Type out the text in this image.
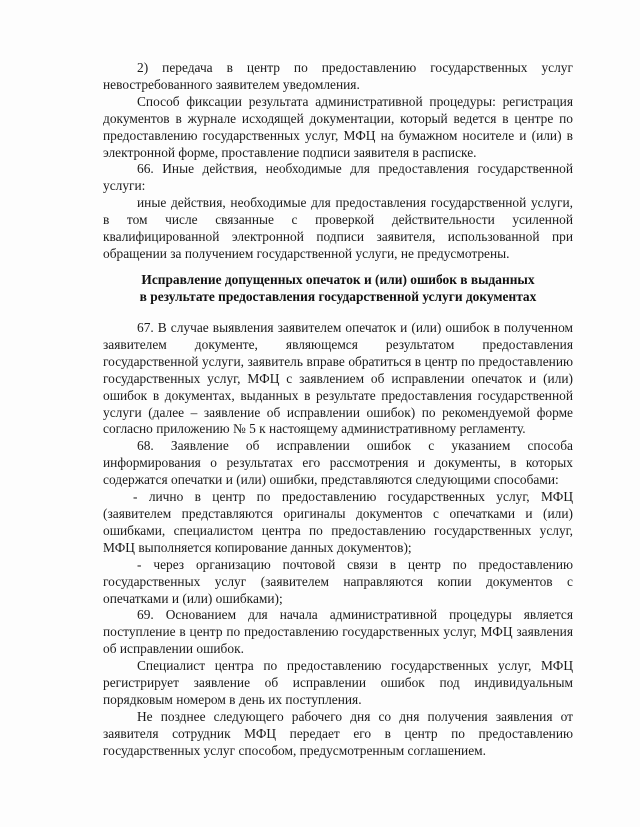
2) передача в центр по предоставлению государственных услуг невостребованного заявителем уведомления.

Способ фиксации результата административной процедуры: регистрация документов в журнале исходящей документации, который ведется в центре по предоставлению государственных услуг, МФЦ на бумажном носителе и (или) в электронной форме, проставление подписи заявителя в расписке.

66. Иные действия, необходимые для предоставления государственной услуги:

иные действия, необходимые для предоставления государственной услуги, в том числе связанные с проверкой действительности усиленной квалифицированной электронной подписи заявителя, использованной при обращении за получением государственной услуги, не предусмотрены.

Исправление допущенных опечаток и (или) ошибок в выданных
в результате предоставления государственной услуги документах

67. В случае выявления заявителем опечаток и (или) ошибок в полученном заявителем документе, являющемся результатом предоставления государственной услуги, заявитель вправе обратиться в центр по предоставлению государственных услуг, МФЦ с заявлением об исправлении опечаток и (или) ошибок в документах, выданных в результате предоставления государственной услуги (далее – заявление об исправлении ошибок) по рекомендуемой форме согласно приложению № 5 к настоящему административному регламенту.

68. Заявление об исправлении ошибок с указанием способа информирования о результатах его рассмотрения и документы, в которых содержатся опечатки и (или) ошибки, представляются следующими способами:

- лично в центр по предоставлению государственных услуг, МФЦ (заявителем представляются оригиналы документов с опечатками и (или) ошибками, специалистом центра по предоставлению государственных услуг, МФЦ выполняется копирование данных документов);

- через организацию почтовой связи в центр по предоставлению государственных услуг (заявителем направляются копии документов с опечатками и (или) ошибками);

69. Основанием для начала административной процедуры является поступление в центр по предоставлению государственных услуг, МФЦ заявления об исправлении ошибок.

Специалист центра по предоставлению государственных услуг, МФЦ регистрирует заявление об исправлении ошибок под индивидуальным порядковым номером в день их поступления.

Не позднее следующего рабочего дня со дня получения заявления от заявителя сотрудник МФЦ передает его в центр по предоставлению государственных услуг способом, предусмотренным соглашением.
